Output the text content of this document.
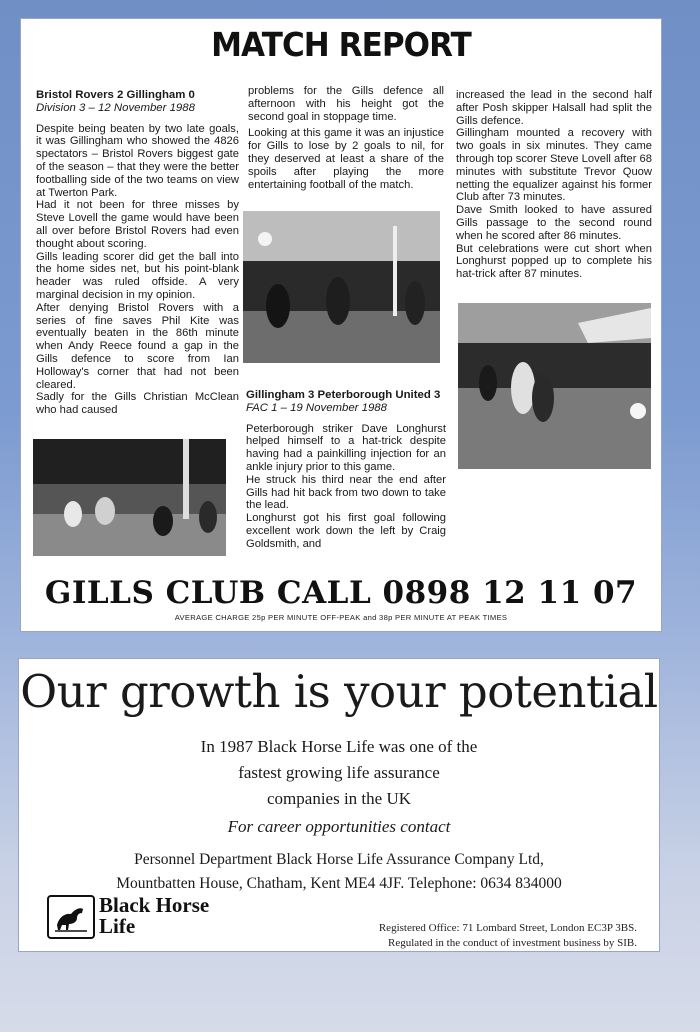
MATCH REPORT
Bristol Rovers 2 Gillingham 0
Division 3 – 12 November 1988

Despite being beaten by two late goals, it was Gillingham who showed the 4826 spectators – Bristol Rovers biggest gate of the season – that they were the better footballing side of the two teams on view at Twerton Park.

Had it not been for three misses by Steve Lovell the game would have been all over before Bristol Rovers had even thought about scoring.

Gills leading scorer did get the ball into the home sides net, but his point-blank header was ruled offside. A very marginal decision in my opinion.

After denying Bristol Rovers with a series of fine saves Phil Kite was eventually beaten in the 86th minute when Andy Reece found a gap in the Gills defence to score from Ian Holloway's corner that had not been cleared.

Sadly for the Gills Christian McClean who had caused

problems for the Gills defence all afternoon with his height got the second goal in stoppage time.

Looking at this game it was an injustice for Gills to lose by 2 goals to nil, for they deserved at least a share of the spoils after playing the more entertaining football of the match.

Gillingham 3 Peterborough United 3
FAC 1 – 19 November 1988

Peterborough striker Dave Longhurst helped himself to a hat-trick despite having had a painkilling injection for an ankle injury prior to this game.

He struck his third near the end after Gills had hit back from two down to take the lead.

Longhurst got his first goal following excellent work down the left by Craig Goldsmith, and

increased the lead in the second half after Posh skipper Halsall had split the Gills defence.

Gillingham mounted a recovery with two goals in six minutes. They came through top scorer Steve Lovell after 68 minutes with substitute Trevor Quow netting the equalizer against his former Club after 73 minutes.

Dave Smith looked to have assured Gills passage to the second round when he scored after 86 minutes.

But celebrations were cut short when Longhurst popped up to complete his hat-trick after 87 minutes.

GILLS CLUB CALL 0898 12 11 07
AVERAGE CHARGE 25p PER MINUTE OFF-PEAK and 38p PER MINUTE AT PEAK TIMES
Our growth is your potential
In 1987 Black Horse Life was one of the
fastest growing life assurance
companies in the UK
For career opportunities contact
Personnel Department Black Horse Life Assurance Company Ltd,
Mountbatten House, Chatham, Kent ME4 4JF. Telephone: 0634 834000
Black Horse
Life	Registered Office: 71 Lombard Street, London EC3P 3BS.
Regulated in the conduct of investment business by SIB.
